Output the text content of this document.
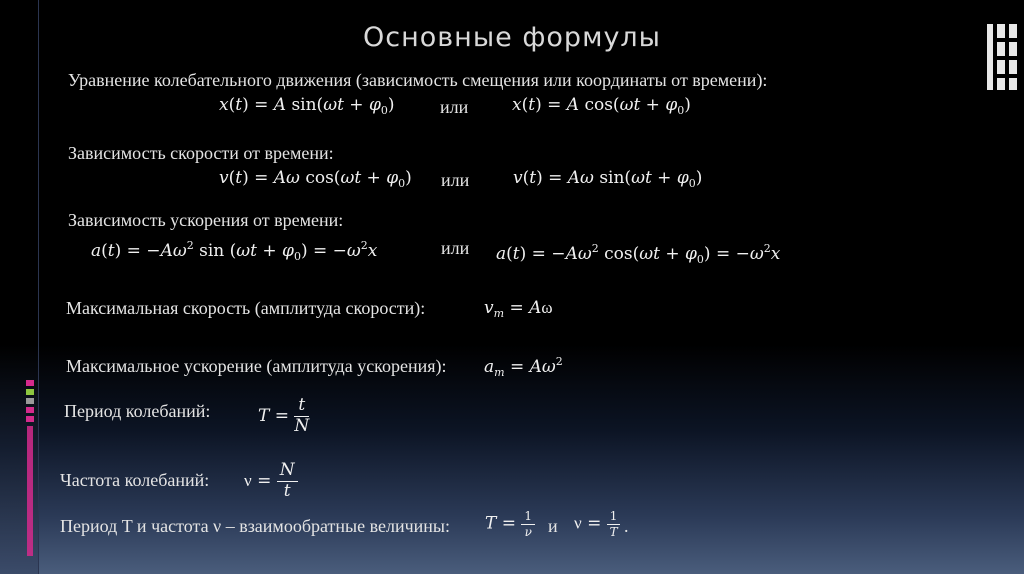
Основные формулы
Уравнение колебательного движения (зависимость смещения или координаты от времени):
x(t) = A $\sin(\omega t + \varphi_0)$	или	x(t) = A $\cos(\omega t + \varphi_0)$
Зависимость скорости от времени:
v(t) = Aω $\cos(\omega t + \varphi_0)$ или	v(t) = Aω $\sin(\omega t + \varphi_0)$
Зависимость ускорения от времени:
$a(t) = -A\omega^2$ $\sin (\omega t + \varphi_0) = -\omega^2x$	или $a(t) = -A\omega^2$ $\cos(\omega t + \varphi_0) = -\omega^2x$
Максимальная скорость (амплитуда скорости):	$v_m = A\omega$
Максимальное ускорение (амплитуда ускорения): $a_m = A\omega^2$
Период колебаний:	$T = \frac{t}{N}$
Частота колебаний: $\nu = \frac{N}{t}$
Период T и частота ν – взаимообратные величины: $T = \frac{1}{\nu}$ и $\nu = \frac{1}{T}$ .
